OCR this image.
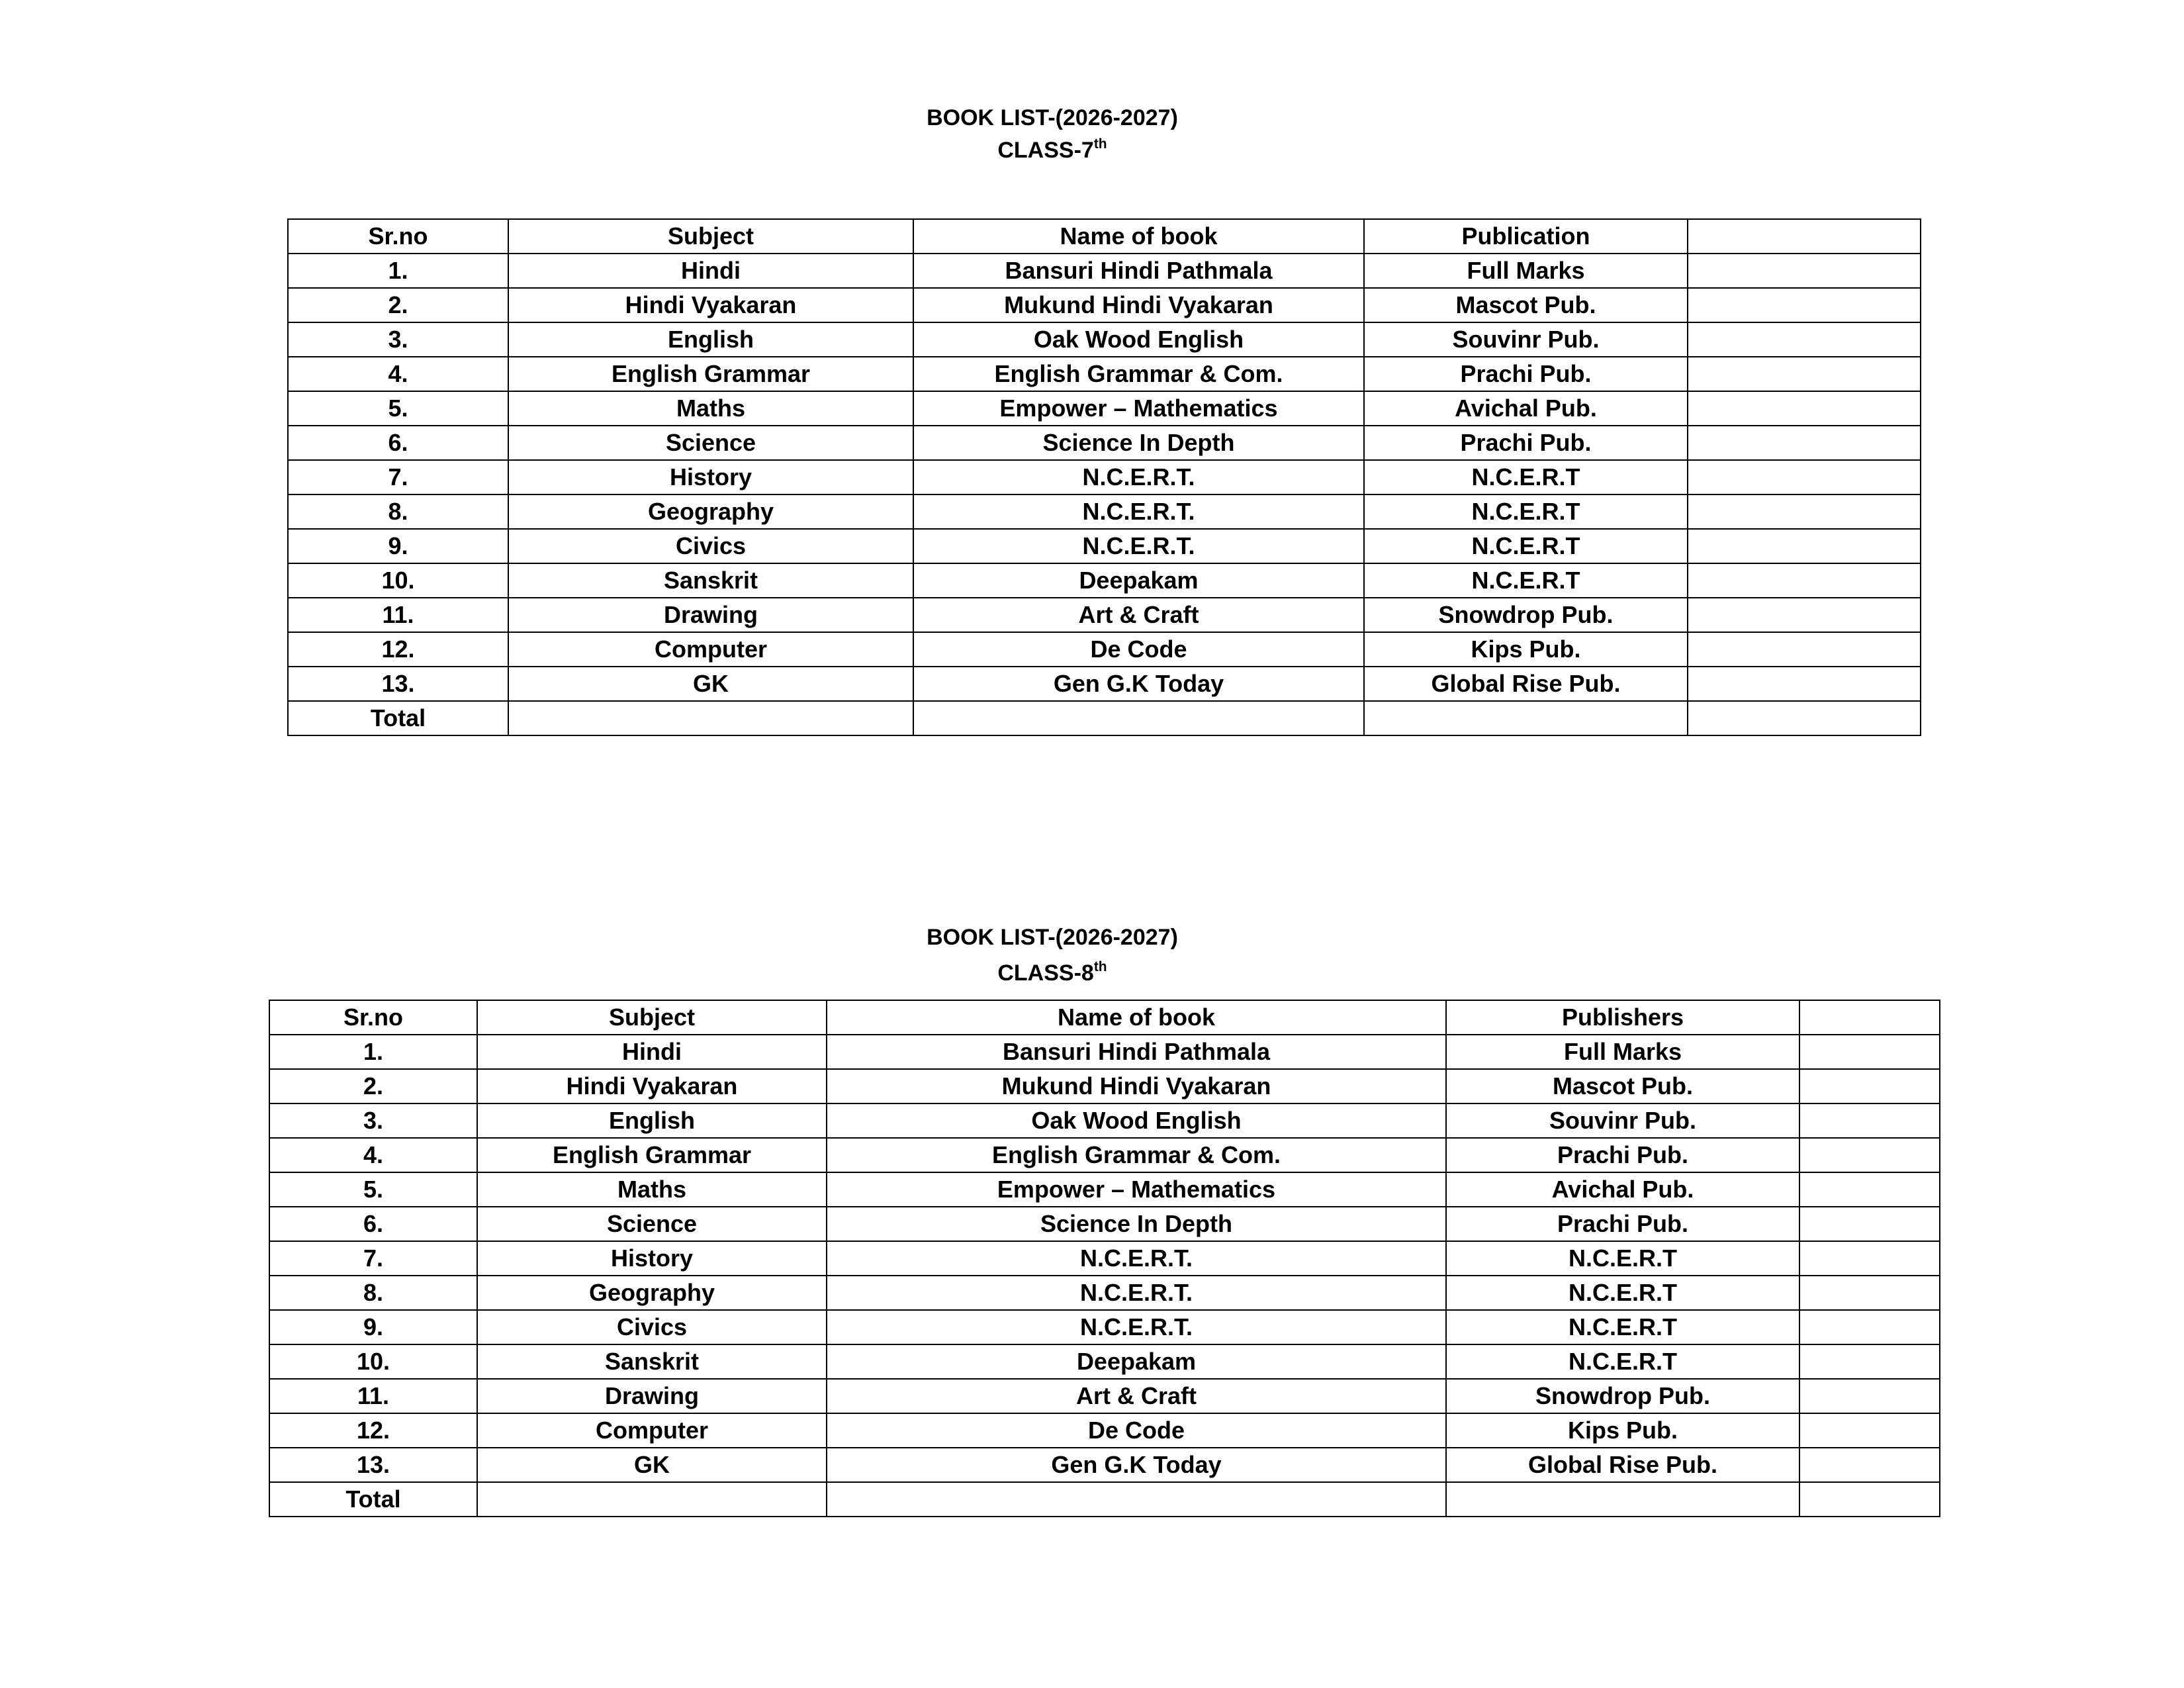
BOOK LIST-(2026-2027)
CLASS-7th
Sr.no	Subject	Name of book	Publication	
1.	Hindi	Bansuri Hindi Pathmala	Full Marks	
2.	Hindi Vyakaran	Mukund Hindi Vyakaran	Mascot Pub.	
3.	English	Oak Wood English	Souvinr Pub.	
4.	English Grammar	English Grammar & Com.	Prachi Pub.	
5.	Maths	Empower – Mathematics	Avichal Pub.	
6.	Science	Science In Depth	Prachi Pub.	
7.	History	N.C.E.R.T.	N.C.E.R.T	
8.	Geography	N.C.E.R.T.	N.C.E.R.T	
9.	Civics	N.C.E.R.T.	N.C.E.R.T	
10.	Sanskrit	Deepakam	N.C.E.R.T	
11.	Drawing	Art & Craft	Snowdrop Pub.	
12.	Computer	De Code	Kips Pub.	
13.	GK	Gen G.K Today	Global Rise Pub.	
Total				
BOOK LIST-(2026-2027)
CLASS-8th
Sr.no	Subject	Name of book	Publishers	
1.	Hindi	Bansuri Hindi Pathmala	Full Marks	
2.	Hindi Vyakaran	Mukund Hindi Vyakaran	Mascot Pub.	
3.	English	Oak Wood English	Souvinr Pub.	
4.	English Grammar	English Grammar & Com.	Prachi Pub.	
5.	Maths	Empower – Mathematics	Avichal Pub.	
6.	Science	Science In Depth	Prachi Pub.	
7.	History	N.C.E.R.T.	N.C.E.R.T	
8.	Geography	N.C.E.R.T.	N.C.E.R.T	
9.	Civics	N.C.E.R.T.	N.C.E.R.T	
10.	Sanskrit	Deepakam	N.C.E.R.T	
11.	Drawing	Art & Craft	Snowdrop Pub.	
12.	Computer	De Code	Kips Pub.	
13.	GK	Gen G.K Today	Global Rise Pub.	
Total				
